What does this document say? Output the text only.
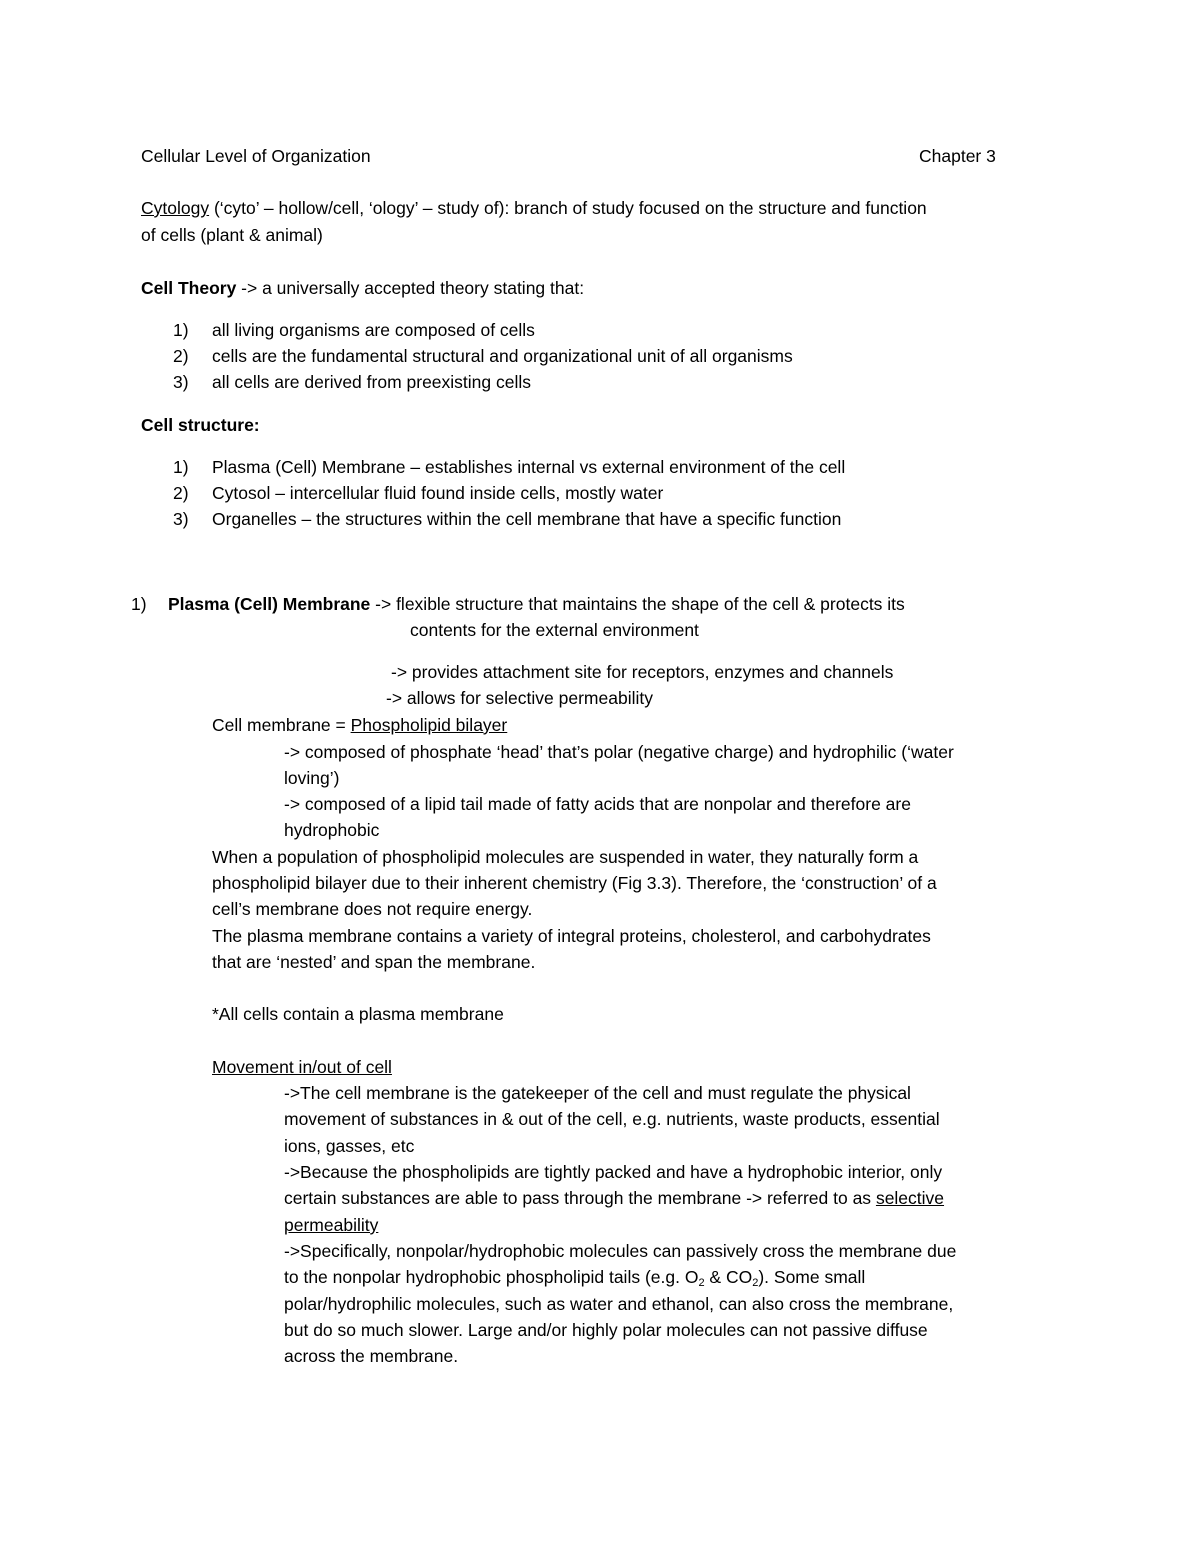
Cellular Level of Organization	Chapter 3
Cytology (‘cyto’ – hollow/cell, ‘ology’ – study of): branch of study focused on the structure and function
of cells (plant & animal)
Cell Theory -> a universally accepted theory stating that:
1) all living organisms are composed of cells
2) cells are the fundamental structural and organizational unit of all organisms
3) all cells are derived from preexisting cells
Cell structure:
1) Plasma (Cell) Membrane – establishes internal vs external environment of the cell
2) Cytosol – intercellular fluid found inside cells, mostly water
3) Organelles – the structures within the cell membrane that have a specific function
1) Plasma (Cell) Membrane -> flexible structure that maintains the shape of the cell & protects its
contents for the external environment
-> provides attachment site for receptors, enzymes and channels
-> allows for selective permeability
Cell membrane = Phospholipid bilayer
-> composed of phosphate ‘head’ that’s polar (negative charge) and hydrophilic (‘water
loving’)
-> composed of a lipid tail made of fatty acids that are nonpolar and therefore are
hydrophobic
When a population of phospholipid molecules are suspended in water, they naturally form a
phospholipid bilayer due to their inherent chemistry (Fig 3.3). Therefore, the ‘construction’ of a
cell’s membrane does not require energy.
The plasma membrane contains a variety of integral proteins, cholesterol, and carbohydrates
that are ‘nested’ and span the membrane.
*All cells contain a plasma membrane
Movement in/out of cell
->The cell membrane is the gatekeeper of the cell and must regulate the physical
movement of substances in & out of the cell, e.g. nutrients, waste products, essential
ions, gasses, etc
->Because the phospholipids are tightly packed and have a hydrophobic interior, only
certain substances are able to pass through the membrane -> referred to as selective
permeability
->Specifically, nonpolar/hydrophobic molecules can passively cross the membrane due
to the nonpolar hydrophobic phospholipid tails (e.g. $O_2$ & $CO_2$). Some small
polar/hydrophilic molecules, such as water and ethanol, can also cross the membrane,
but do so much slower. Large and/or highly polar molecules can not passive diffuse
across the membrane.
